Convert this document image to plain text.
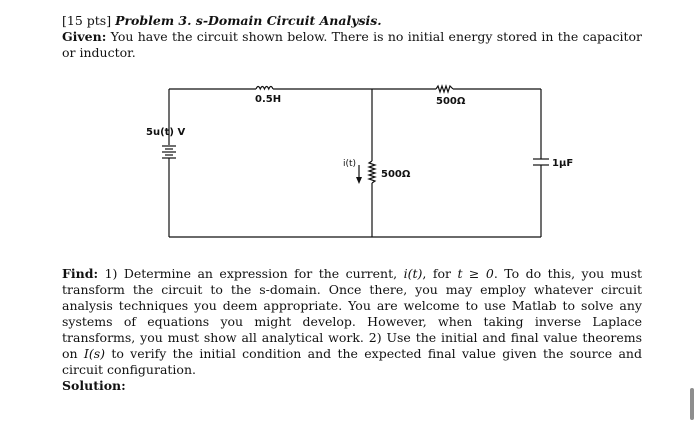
[15 pts] Problem 3. s-Domain Circuit Analysis.
Given: You have the circuit shown below. There is no initial energy stored in the capacitor or inductor.
5u(t) V
0.5H	500Ω
500Ω
i(t)	1μF
Find: 1) Determine an expression for the current, i(t), for t ≥ 0. To do this, you must transform the circuit to the s-domain. Once there, you may employ whatever circuit analysis techniques you deem appropriate. You are welcome to use Matlab to solve any systems of equations you might develop. However, when taking inverse Laplace transforms, you must show all analytical work. 2) Use the initial and final value theorems on I(s) to verify the initial condition and the expected final value given the source and circuit configuration.
Solution:
